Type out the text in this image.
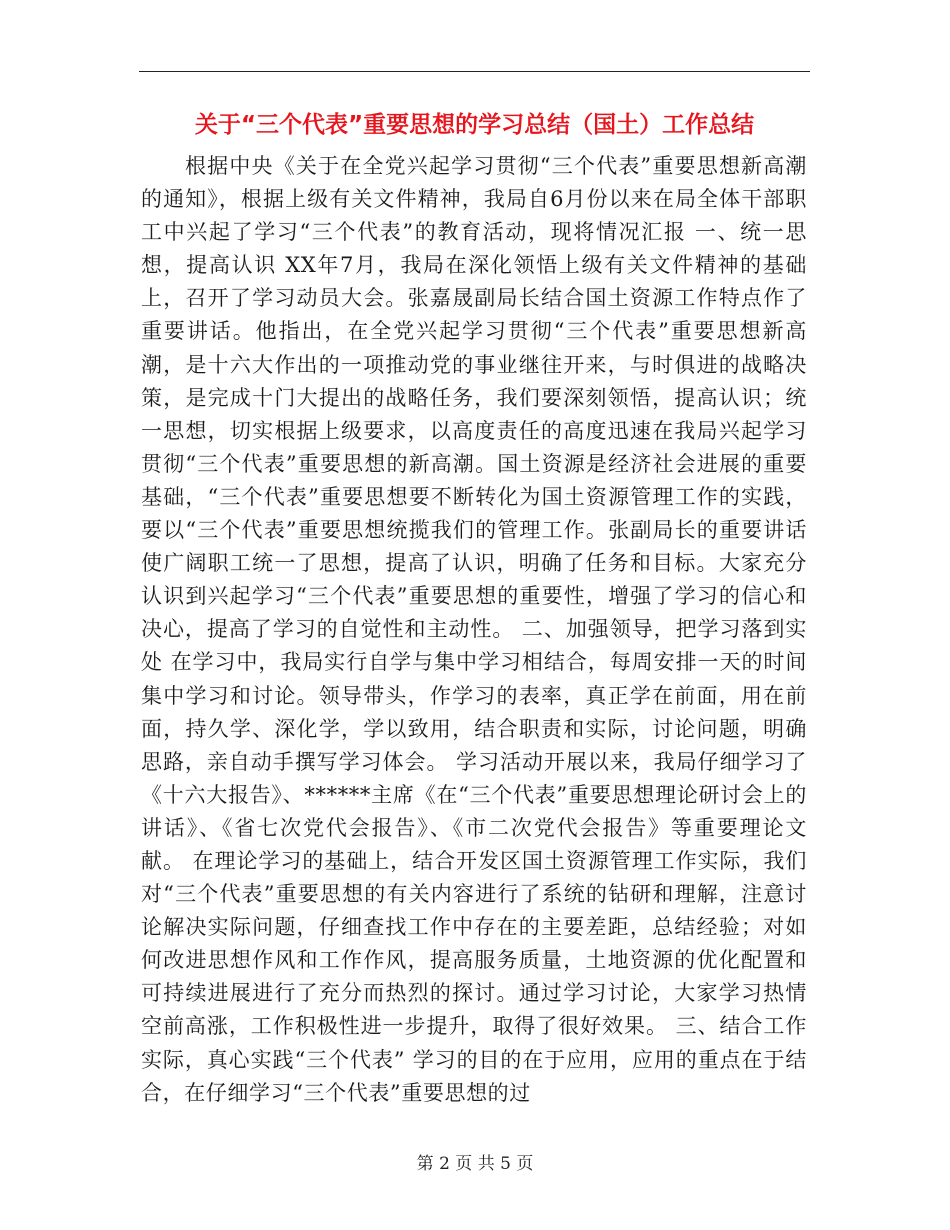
关于“三个代表”重要思想的学习总结（国土）工作总结

根据中央《关于在全党兴起学习贯彻“三个代表”重要思想新高潮的通知》，根据上级有关文件精神，我局自6月份以来在局全体干部职工中兴起了学习“三个代表”的教育活动，现将情况汇报 一、统一思想，提高认识 XX年7月，我局在深化领悟上级有关文件精神的基础上，召开了学习动员大会。张嘉晟副局长结合国土资源工作特点作了重要讲话。他指出，在全党兴起学习贯彻“三个代表”重要思想新高潮，是十六大作出的一项推动党的事业继往开来，与时俱进的战略决策，是完成十门大提出的战略任务，我们要深刻领悟，提高认识；统一思想，切实根据上级要求，以高度责任的高度迅速在我局兴起学习贯彻“三个代表”重要思想的新高潮。国土资源是经济社会进展的重要基础，“三个代表”重要思想要不断转化为国土资源管理工作的实践，要以“三个代表”重要思想统揽我们的管理工作。张副局长的重要讲话使广阔职工统一了思想，提高了认识，明确了任务和目标。大家充分认识到兴起学习“三个代表”重要思想的重要性，增强了学习的信心和决心，提高了学习的自觉性和主动性。 二、加强领导，把学习落到实处 在学习中，我局实行自学与集中学习相结合，每周安排一天的时间集中学习和讨论。领导带头，作学习的表率，真正学在前面，用在前面，持久学、深化学，学以致用，结合职责和实际，讨论问题，明确思路，亲自动手撰写学习体会。 学习活动开展以来，我局仔细学习了《十六大报告》、******主席《在“三个代表”重要思想理论研讨会上的讲话》、《省七次党代会报告》、《市二次党代会报告》等重要理论文献。 在理论学习的基础上，结合开发区国土资源管理工作实际，我们对“三个代表”重要思想的有关内容进行了系统的钻研和理解，注意讨论解决实际问题，仔细查找工作中存在的主要差距，总结经验；对如何改进思想作风和工作作风，提高服务质量，土地资源的优化配置和可持续进展进行了充分而热烈的探讨。通过学习讨论，大家学习热情空前高涨，工作积极性进一步提升，取得了很好效果。 三、结合工作实际，真心实践“三个代表” 学习的目的在于应用，应用的重点在于结合，在仔细学习“三个代表”重要思想的过

第 2 页 共 5 页
